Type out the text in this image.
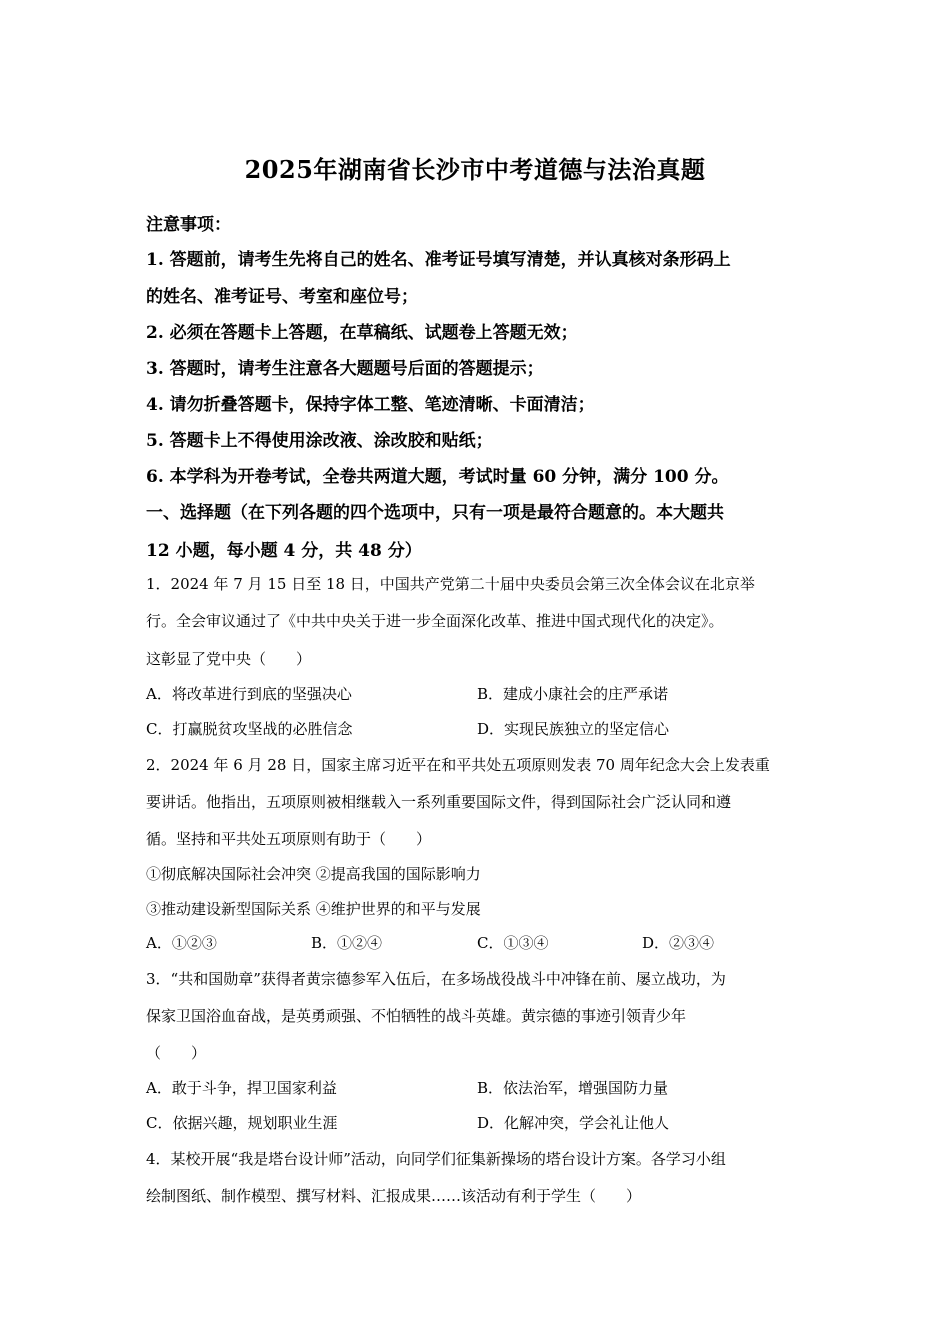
2025年湖南省长沙市中考道德与法治真题
注意事项：
1. 答题前，请考生先将自己的姓名、准考证号填写清楚，并认真核对条形码上
的姓名、准考证号、考室和座位号；
2. 必须在答题卡上答题，在草稿纸、试题卷上答题无效；
3. 答题时，请考生注意各大题题号后面的答题提示；
4. 请勿折叠答题卡，保持字体工整、笔迹清晰、卡面清洁；
5. 答题卡上不得使用涂改液、涂改胶和贴纸；
6. 本学科为开卷考试，全卷共两道大题，考试时量 60 分钟，满分 100 分。
一、选择题（在下列各题的四个选项中，只有一项是最符合题意的。本大题共
12 小题，每小题 4 分，共 48 分）
1．2024 年 7 月 15 日至 18 日，中国共产党第二十届中央委员会第三次全体会议在北京举
行。全会审议通过了《中共中央关于进一步全面深化改革、推进中国式现代化的决定》。
这彰显了党中央（　　）
A．将改革进行到底的坚强决心	B．建成小康社会的庄严承诺
C．打赢脱贫攻坚战的必胜信念	D．实现民族独立的坚定信心
2．2024 年 6 月 28 日，国家主席习近平在和平共处五项原则发表 70 周年纪念大会上发表重
要讲话。他指出，五项原则被相继载入一系列重要国际文件，得到国际社会广泛认同和遵
循。坚持和平共处五项原则有助于（　　）
①彻底解决国际社会冲突 ②提高我国的国际影响力
③推动建设新型国际关系 ④维护世界的和平与发展
A．①②③	B．①②④	C．①③④	D．②③④
3．“共和国勋章”获得者黄宗德参军入伍后，在多场战役战斗中冲锋在前、屡立战功，为
保家卫国浴血奋战，是英勇顽强、不怕牺牲的战斗英雄。黄宗德的事迹引领青少年
（　　）
A．敢于斗争，捍卫国家利益	B．依法治军，增强国防力量
C．依据兴趣，规划职业生涯	D．化解冲突，学会礼让他人
4．某校开展“我是塔台设计师”活动，向同学们征集新操场的塔台设计方案。各学习小组
绘制图纸、制作模型、撰写材料、汇报成果……该活动有利于学生（　　）
